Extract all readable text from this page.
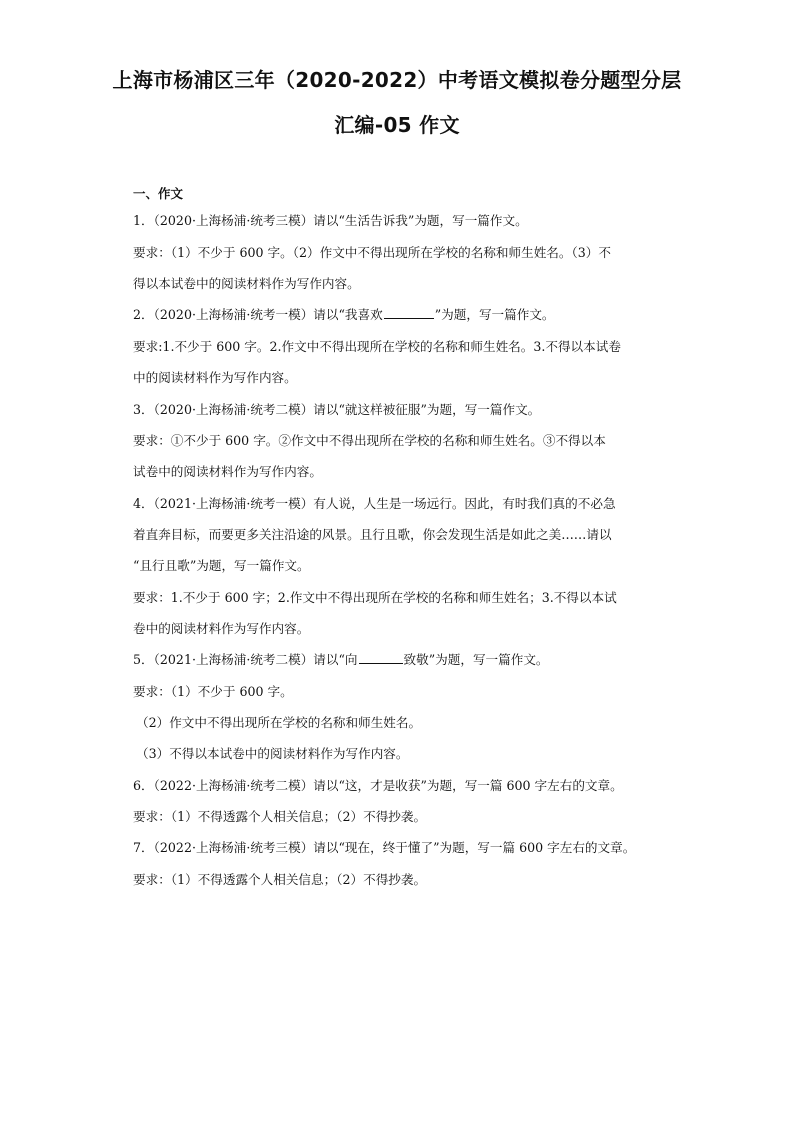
上海市杨浦区三年（2020-2022）中考语文模拟卷分题型分层
汇编-05 作文
一、作文
1．（2020·上海杨浦·统考三模）请以“生活告诉我”为题，写一篇作文。
要求：（1）不少于 600 字。（2）作文中不得出现所在学校的名称和师生姓名。（3）不
得以本试卷中的阅读材料作为写作内容。
2．（2020·上海杨浦·统考一模）请以“我喜欢	”为题，写一篇作文。
要求:1.不少于 600 字。2.作文中不得出现所在学校的名称和师生姓名。3.不得以本试卷
中的阅读材料作为写作内容。
3．（2020·上海杨浦·统考二模）请以“就这样被征服”为题，写一篇作文。
要求：①不少于 600 字。②作文中不得出现所在学校的名称和师生姓名。③不得以本
试卷中的阅读材料作为写作内容。
4．（2021·上海杨浦·统考一模）有人说，人生是一场远行。因此，有时我们真的不必急
着直奔目标，而要更多关注沿途的风景。且行且歌，你会发现生活是如此之美……请以
“且行且歌”为题，写一篇作文。
要求：1.不少于 600 字；2.作文中不得出现所在学校的名称和师生姓名；3.不得以本试
卷中的阅读材料作为写作内容。
5．（2021·上海杨浦·统考二模）请以“向	致敬”为题，写一篇作文。
要求：（1）不少于 600 字。
（2）作文中不得出现所在学校的名称和师生姓名。
（3）不得以本试卷中的阅读材料作为写作内容。
6．（2022·上海杨浦·统考二模）请以“这，才是收获”为题，写一篇 600 字左右的文章。
要求：（1）不得透露个人相关信息；（2）不得抄袭。
7．（2022·上海杨浦·统考三模）请以“现在，终于懂了”为题，写一篇 600 字左右的文章。
要求：（1）不得透露个人相关信息；（2）不得抄袭。
